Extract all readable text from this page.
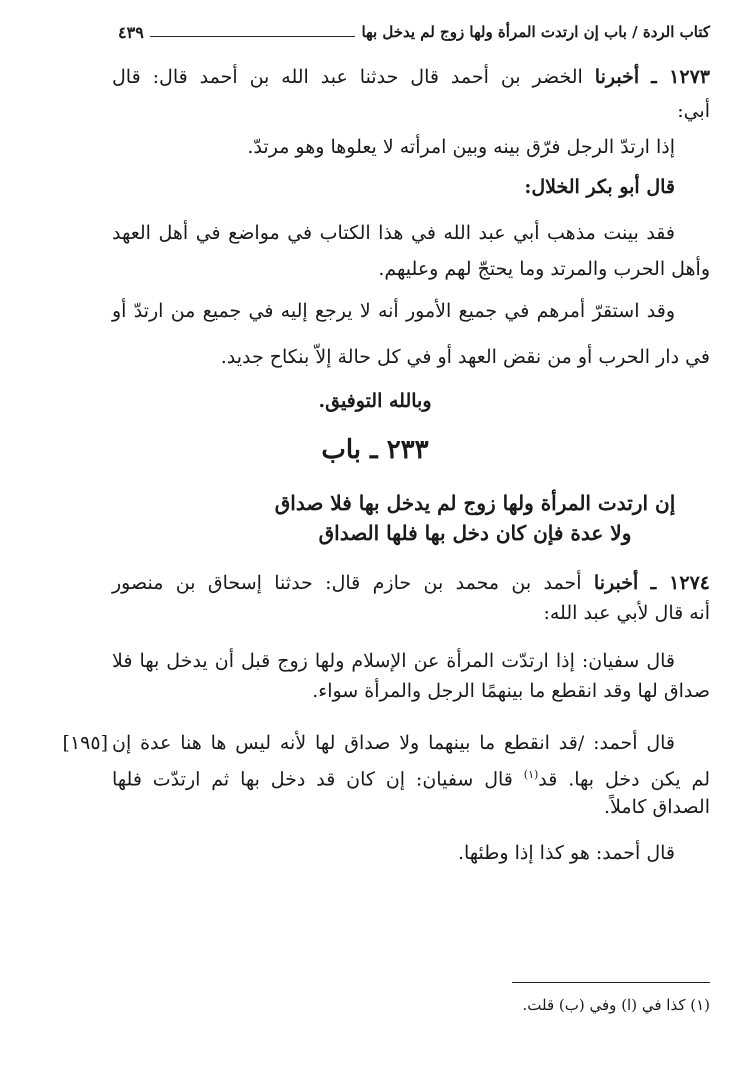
كتاب الردة / باب إن ارتدت المرأة ولها زوج لم يدخل بها
٤٣٩
١٢٧٣ ـ أخبرنا الخضر بن أحمد قال حدثنا عبد الله بن أحمد قال: قال
أبي:
إذا ارتدّ الرجل فرّق بينه وبين امرأته لا يعلوها وهو مرتدّ.
قال أبو بكر الخلال:
فقد بينت مذهب أبي عبد الله في هذا الكتاب في مواضع في أهل العهد
وأهل الحرب والمرتد وما يحتجّ لهم وعليهم.
وقد استقرّ أمرهم في جميع الأمور أنه لا يرجع إليه في جميع من ارتدّ أو
في دار الحرب أو من نقض العهد أو في كل حالة إلاّ بنكاح جديد.
وبالله التوفيق.
٢٣٣ ـ باب
إن ارتدت المرأة ولها زوج لم يدخل بها فلا صداق
ولا عدة فإن كان دخل بها فلها الصداق
١٢٧٤ ـ أخبرنا أحمد بن محمد بن حازم قال: حدثنا إسحاق بن منصور
أنه قال لأبي عبد الله:
قال سفيان: إذا ارتدّت المرأة عن الإسلام ولها زوج قبل أن يدخل بها فلا
صداق لها وقد انقطع ما بينهمًا الرجل والمرأة سواء.
قال أحمد: /قد انقطع ما بينهما ولا صداق لها لأنه ليس ها هنا عدة إن
[١٩٥]
لم يكن دخل بها. قد$^{(١)}$ قال سفيان: إن كان قد دخل بها ثم ارتدّت فلها
الصداق كاملاً.
قال أحمد: هو كذا إذا وطئها.
(١) كذا في (ا) وفي (ب) قلت.
